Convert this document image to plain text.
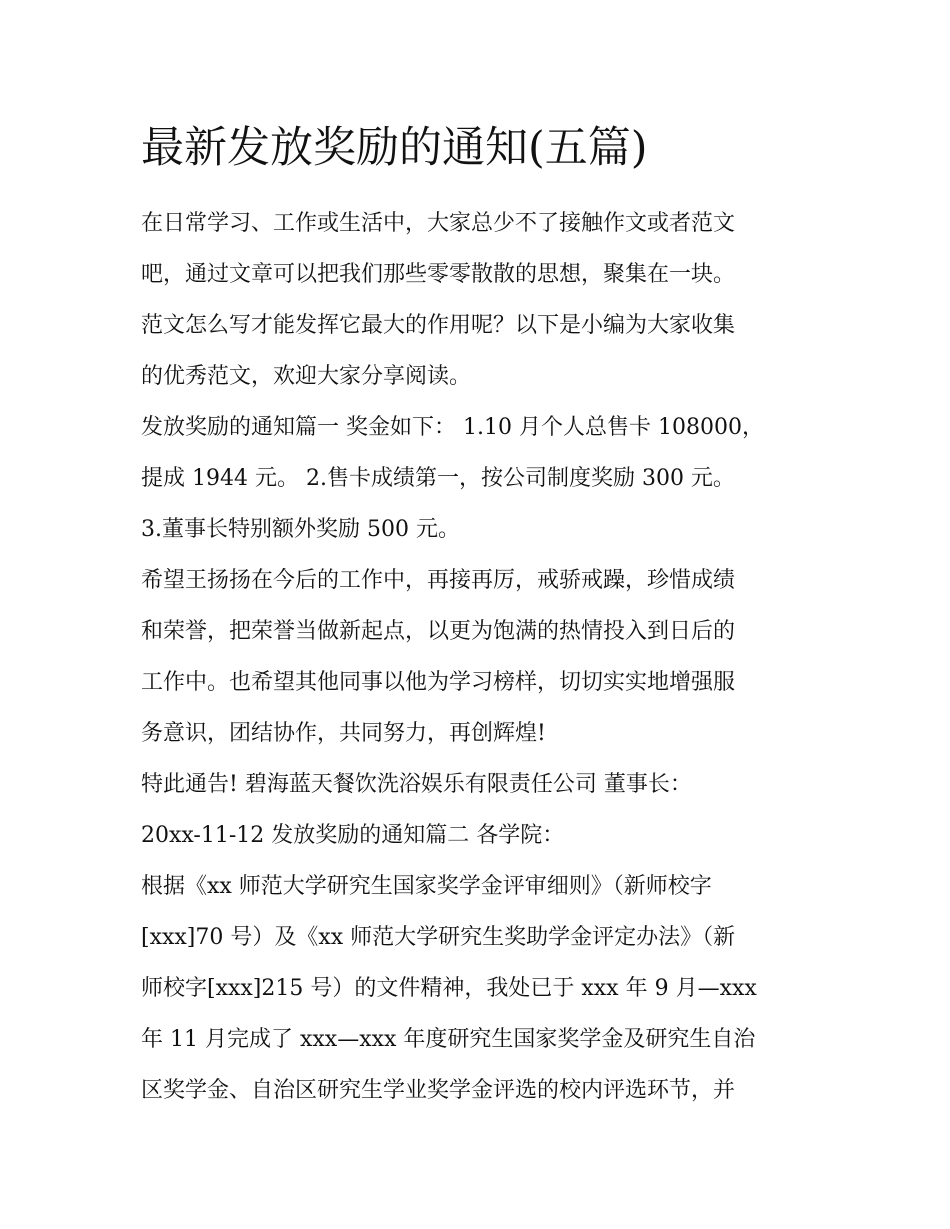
最新发放奖励的通知(五篇)
在日常学习、工作或生活中，大家总少不了接触作文或者范文
吧，通过文章可以把我们那些零零散散的思想，聚集在一块。
范文怎么写才能发挥它最大的作用呢？以下是小编为大家收集
的优秀范文，欢迎大家分享阅读。
发放奖励的通知篇一 奖金如下： 1.10 月个人总售卡 108000，
提成 1944 元。 2.售卡成绩第一，按公司制度奖励 300 元。
3.董事长特别额外奖励 500 元。
希望王扬扬在今后的工作中，再接再厉，戒骄戒躁，珍惜成绩
和荣誉，把荣誉当做新起点，以更为饱满的热情投入到日后的
工作中。也希望其他同事以他为学习榜样，切切实实地增强服
务意识，团结协作，共同努力，再创辉煌!
特此通告! 碧海蓝天餐饮洗浴娱乐有限责任公司 董事长：
20xx-11-12 发放奖励的通知篇二 各学院：
根据《xx 师范大学研究生国家奖学金评审细则》（新师校字
[xxx]70 号）及《xx 师范大学研究生奖助学金评定办法》（新
师校字[xxx]215 号）的文件精神，我处已于 xxx 年 9 月—xxx
年 11 月完成了 xxx—xxx 年度研究生国家奖学金及研究生自治
区奖学金、自治区研究生学业奖学金评选的校内评选环节，并
